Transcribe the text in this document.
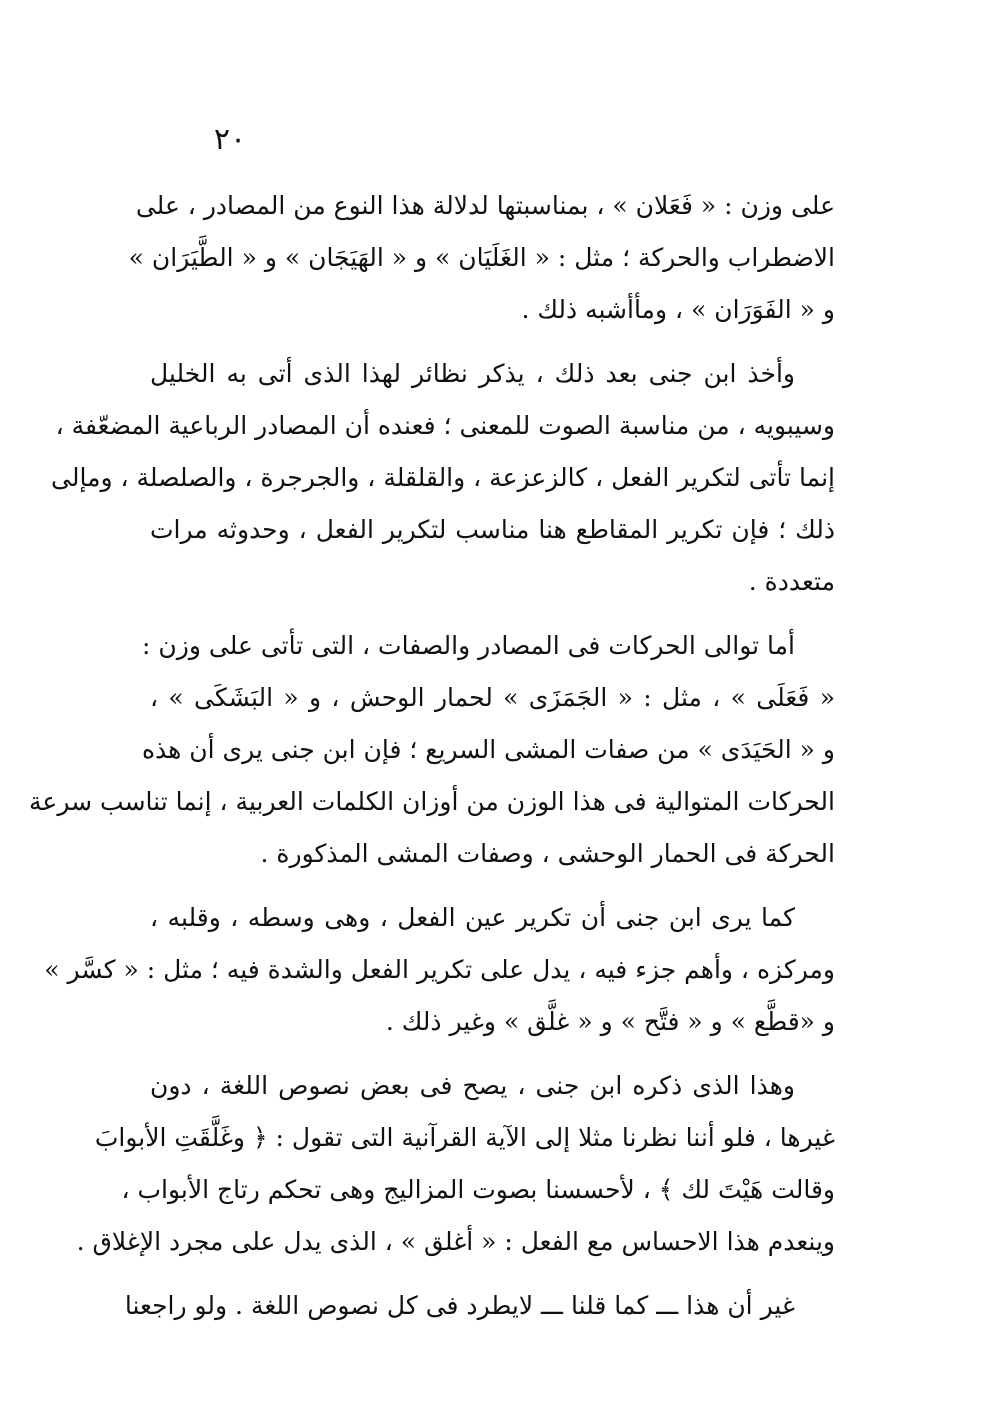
٢٠
على وزن : « فَعَلان » ، بمناسبتها لدلالة هذا النوع من المصادر ، على
الاضطراب والحركة ؛ مثل : « الغَلَيَان » و « الهَيَجَان » و « الطَّيَرَان »
و « الفَوَرَان » ، ومأأشبه ذلك .
وأخذ ابن جنى بعد ذلك ، يذكر نظائر لهذا الذى أتى به الخليل
وسيبويه ، من مناسبة الصوت للمعنى ؛ فعنده أن المصادر الرباعية المضعّفة ،
إنما تأتى لتكرير الفعل ، كالزعزعة ، والقلقلة ، والجرجرة ، والصلصلة ، ومإلى
ذلك ؛ فإن تكرير المقاطع هنا مناسب لتكرير الفعل ، وحدوثه مرات
متعددة .
أما توالى الحركات فى المصادر والصفات ، التى تأتى على وزن :
« فَعَلَى » ، مثل : « الجَمَزَى » لحمار الوحش ، و « البَشَكَى » ،
و « الحَيَدَى » من صفات المشى السريع ؛ فإن ابن جنى يرى أن هذه
الحركات المتوالية فى هذا الوزن من أوزان الكلمات العربية ، إنما تناسب سرعة
الحركة فى الحمار الوحشى ، وصفات المشى المذكورة .
كما يرى ابن جنى أن تكرير عين الفعل ، وهى وسطه ، وقلبه ،
ومركزه ، وأهم جزء فيه ، يدل على تكرير الفعل والشدة فيه ؛ مثل : « كسَّر »
و «قطَّع » و « فتَّح » و « غلَّق » وغير ذلك .
وهذا الذى ذكره ابن جنى ، يصح فى بعض نصوص اللغة ، دون
غيرها ، فلو أننا نظرنا مثلا إلى الآية القرآنية التى تقول : ﴿ وغَلَّقَتِ الأبوابَ
وقالت هَيْتَ لك ﴾ ، لأحسسنا بصوت المزاليج وهى تحكم رتاج الأبواب ،
وينعدم هذا الاحساس مع الفعل : « أغلق » ، الذى يدل على مجرد الإغلاق .
غير أن هذا ـــ كما قلنا ـــ لايطرد فى كل نصوص اللغة . ولو راجعنا
